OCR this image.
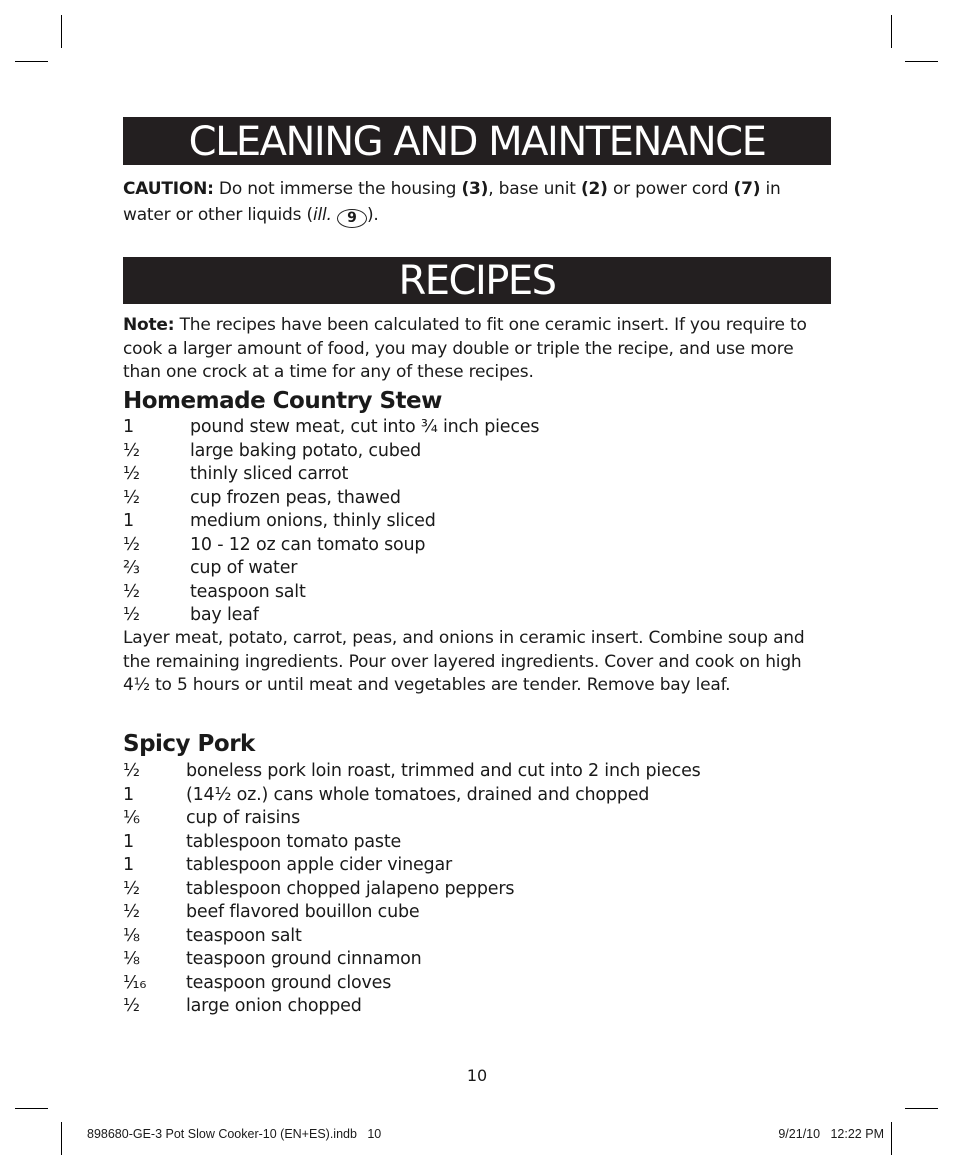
CLEANING AND MAINTENANCE

CAUTION: Do not immerse the housing (3), base unit (2) or power cord (7) in water or other liquids (ill. 9 ).

RECIPES

Note: The recipes have been calculated to fit one ceramic insert. If you require to cook a larger amount of food, you may double or triple the recipe, and use more than one crock at a time for any of these recipes.

Homemade Country Stew
1	pound stew meat, cut into ¾ inch pieces
½	large baking potato, cubed
½	thinly sliced carrot
½	cup frozen peas, thawed
1	medium onions, thinly sliced
½	10 - 12 oz can tomato soup
⅔	cup of water
½	teaspoon salt
½	bay leaf

Layer meat, potato, carrot, peas, and onions in ceramic insert. Combine soup and the remaining ingredients. Pour over layered ingredients. Cover and cook on high 4½ to 5 hours or until meat and vegetables are tender. Remove bay leaf.

Spicy Pork
½	boneless pork loin roast, trimmed and cut into 2 inch pieces
1	(14½ oz.) cans whole tomatoes, drained and chopped
⅙	cup of raisins
1	tablespoon tomato paste
1	tablespoon apple cider vinegar
½	tablespoon chopped jalapeno peppers
½	beef flavored bouillon cube
⅛	teaspoon salt
⅛	teaspoon ground cinnamon
¹⁄₁₆	teaspoon ground cloves
½	large onion chopped
10
898680-GE-3 Pot Slow Cooker-10 (EN+ES).indb   10	9/21/10   12:22 PM
